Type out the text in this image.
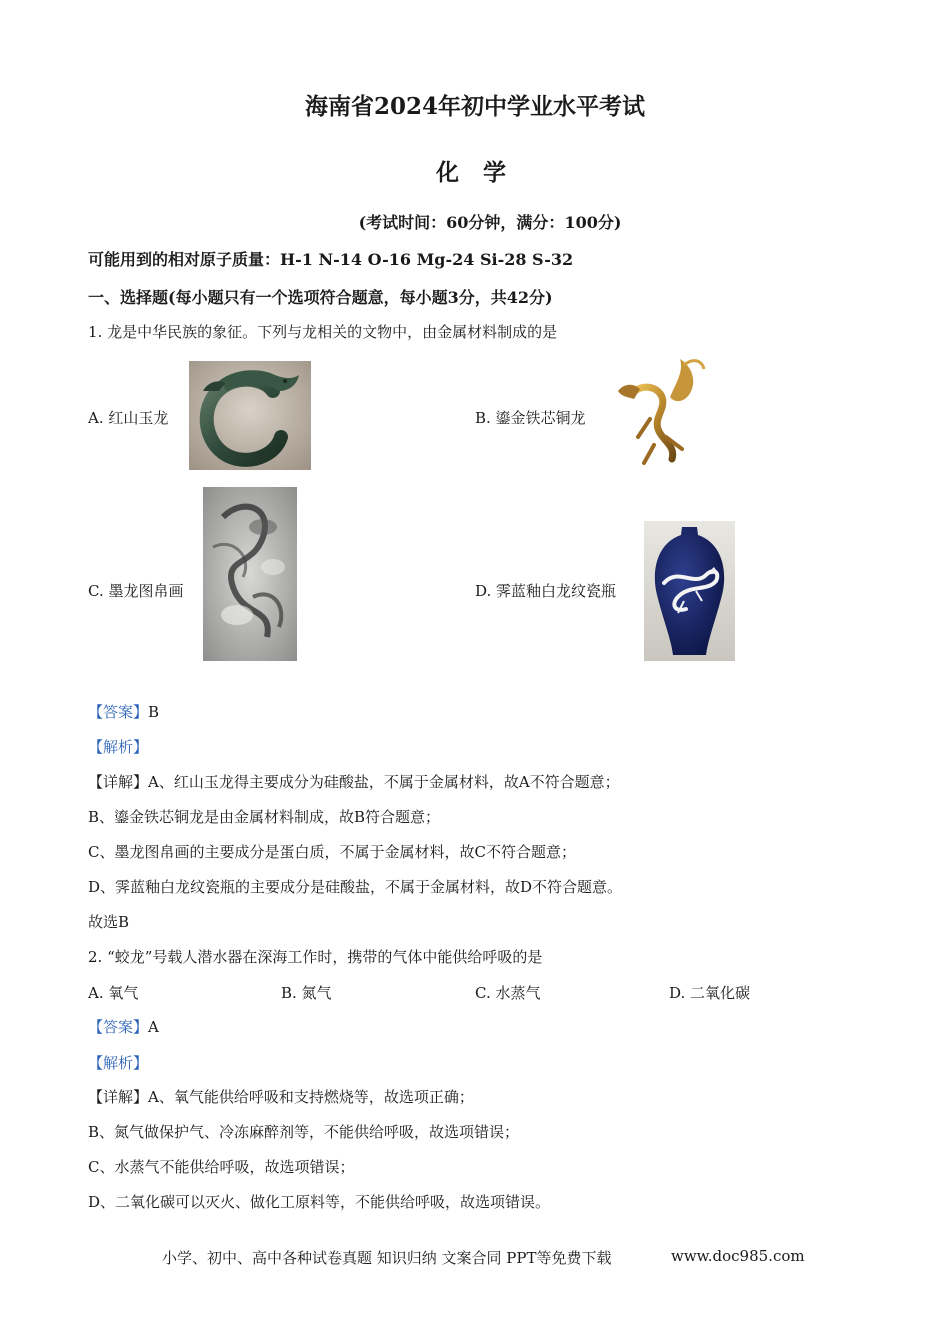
海南省2024年初中学业水平考试
化 学
(考试时间：60分钟，满分：100分)
可能用到的相对原子质量：H-1 N-14 O-16 Mg-24 Si-28 S-32
一、选择题(每小题只有一个选项符合题意，每小题3分，共42分)
1. 龙是中华民族的象征。下列与龙相关的文物中，由金属材料制成的是
A. 红山玉龙	B. 鎏金铁芯铜龙
C. 墨龙图帛画	D. 霁蓝釉白龙纹瓷瓶
【答案】B
【解析】
【详解】A、红山玉龙得主要成分为硅酸盐，不属于金属材料，故A不符合题意；
B、鎏金铁芯铜龙是由金属材料制成，故B符合题意；
C、墨龙图帛画的主要成分是蛋白质，不属于金属材料，故C不符合题意；
D、霁蓝釉白龙纹瓷瓶的主要成分是硅酸盐，不属于金属材料，故D不符合题意。
故选B
2. “蛟龙”号载人潜水器在深海工作时，携带的气体中能供给呼吸的是
A. 氧气	B. 氮气	C. 水蒸气	D. 二氧化碳
【答案】A
【解析】
【详解】A、氧气能供给呼吸和支持燃烧等，故选项正确；
B、氮气做保护气、冷冻麻醉剂等，不能供给呼吸，故选项错误；
C、水蒸气不能供给呼吸，故选项错误；
D、二氧化碳可以灭火、做化工原料等，不能供给呼吸，故选项错误。
小学、初中、高中各种试卷真题 知识归纳 文案合同 PPT等免费下载	www.doc985.com
